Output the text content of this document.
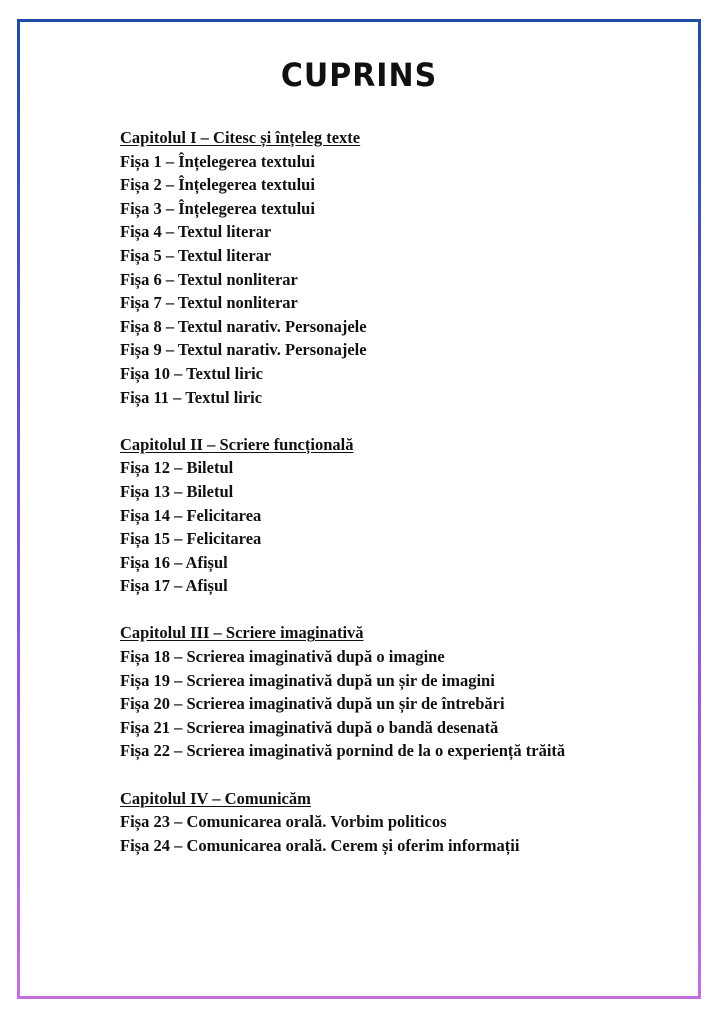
CUPRINS
Capitolul I – Citesc și înțeleg texte
Fișa 1 – Înțelegerea textului
Fișa 2 – Înțelegerea textului
Fișa 3 – Înțelegerea textului
Fișa 4 – Textul literar
Fișa 5 – Textul literar
Fișa 6 – Textul nonliterar
Fișa 7 – Textul nonliterar
Fișa 8 – Textul narativ. Personajele
Fișa 9 – Textul narativ. Personajele
Fișa 10 – Textul liric
Fișa 11 – Textul liric
Capitolul II – Scriere funcțională
Fișa 12 – Biletul
Fișa 13 – Biletul
Fișa 14 – Felicitarea
Fișa 15 – Felicitarea
Fișa 16 – Afișul
Fișa 17 – Afișul
Capitolul III – Scriere imaginativă
Fișa 18 – Scrierea imaginativă după o imagine
Fișa 19 – Scrierea imaginativă după un șir de imagini
Fișa 20 – Scrierea imaginativă după un șir de întrebări
Fișa 21 – Scrierea imaginativă după o bandă desenată
Fișa 22 – Scrierea imaginativă pornind de la o experiență trăită
Capitolul IV – Comunicăm
Fișa 23 – Comunicarea orală. Vorbim politicos
Fișa 24 – Comunicarea orală. Cerem și oferim informații
